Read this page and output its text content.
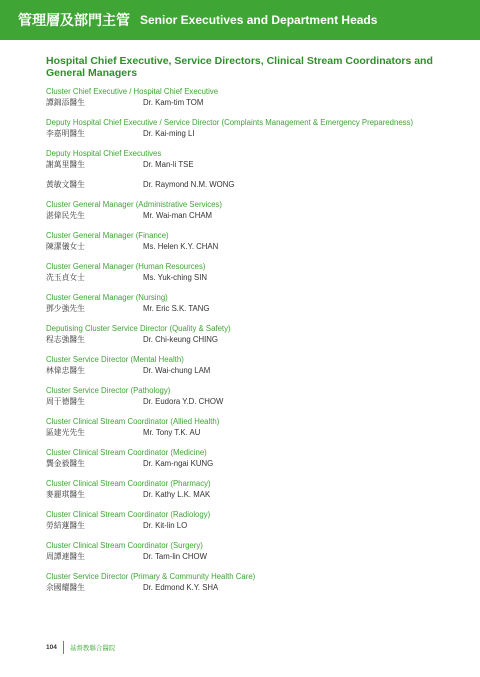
管理層及部門主管 Senior Executives and Department Heads
Hospital Chief Executive, Service Directors, Clinical Stream Coordinators and General Managers
Cluster Chief Executive / Hospital Chief Executive
譚錦添醫生	Dr. Kam-tim TOM
Deputy Hospital Chief Executive / Service Director (Complaints Management & Emergency Preparedness)
李嘉明醫生	Dr. Kai-ming LI
Deputy Hospital Chief Executives
謝萬里醫生	Dr. Man-li TSE
黃敏文醫生	Dr. Raymond N.M. WONG
Cluster General Manager (Administrative Services)
湛偉民先生	Mr. Wai-man CHAM
Cluster General Manager (Finance)
陳潔儀女士	Ms. Helen K.Y. CHAN
Cluster General Manager (Human Resources)
冼玉貞女士	Ms. Yuk-ching SIN
Cluster General Manager (Nursing)
鄧少強先生	Mr. Eric S.K. TANG
Deputising Cluster Service Director (Quality & Safety)
程志強醫生	Dr. Chi-keung CHING
Cluster Service Director (Mental Health)
林偉忠醫生	Dr. Wai-chung LAM
Cluster Service Director (Pathology)
周于德醫生	Dr. Eudora Y.D. CHOW
Cluster Clinical Stream Coordinator (Allied Health)
區建光先生	Mr. Tony T.K. AU
Cluster Clinical Stream Coordinator (Medicine)
龔金毅醫生	Dr. Kam-ngai KUNG
Cluster Clinical Stream Coordinator (Pharmacy)
麥麗琪醫生	Dr. Kathy L.K. MAK
Cluster Clinical Stream Coordinator (Radiology)
勞結蓮醫生	Dr. Kit-lin LO
Cluster Clinical Stream Coordinator (Surgery)
周譚連醫生	Dr. Tam-lin CHOW
Cluster Service Director (Primary & Community Health Care)
佘國耀醫生	Dr. Edmond K.Y. SHA
104 基督教聯合醫院
